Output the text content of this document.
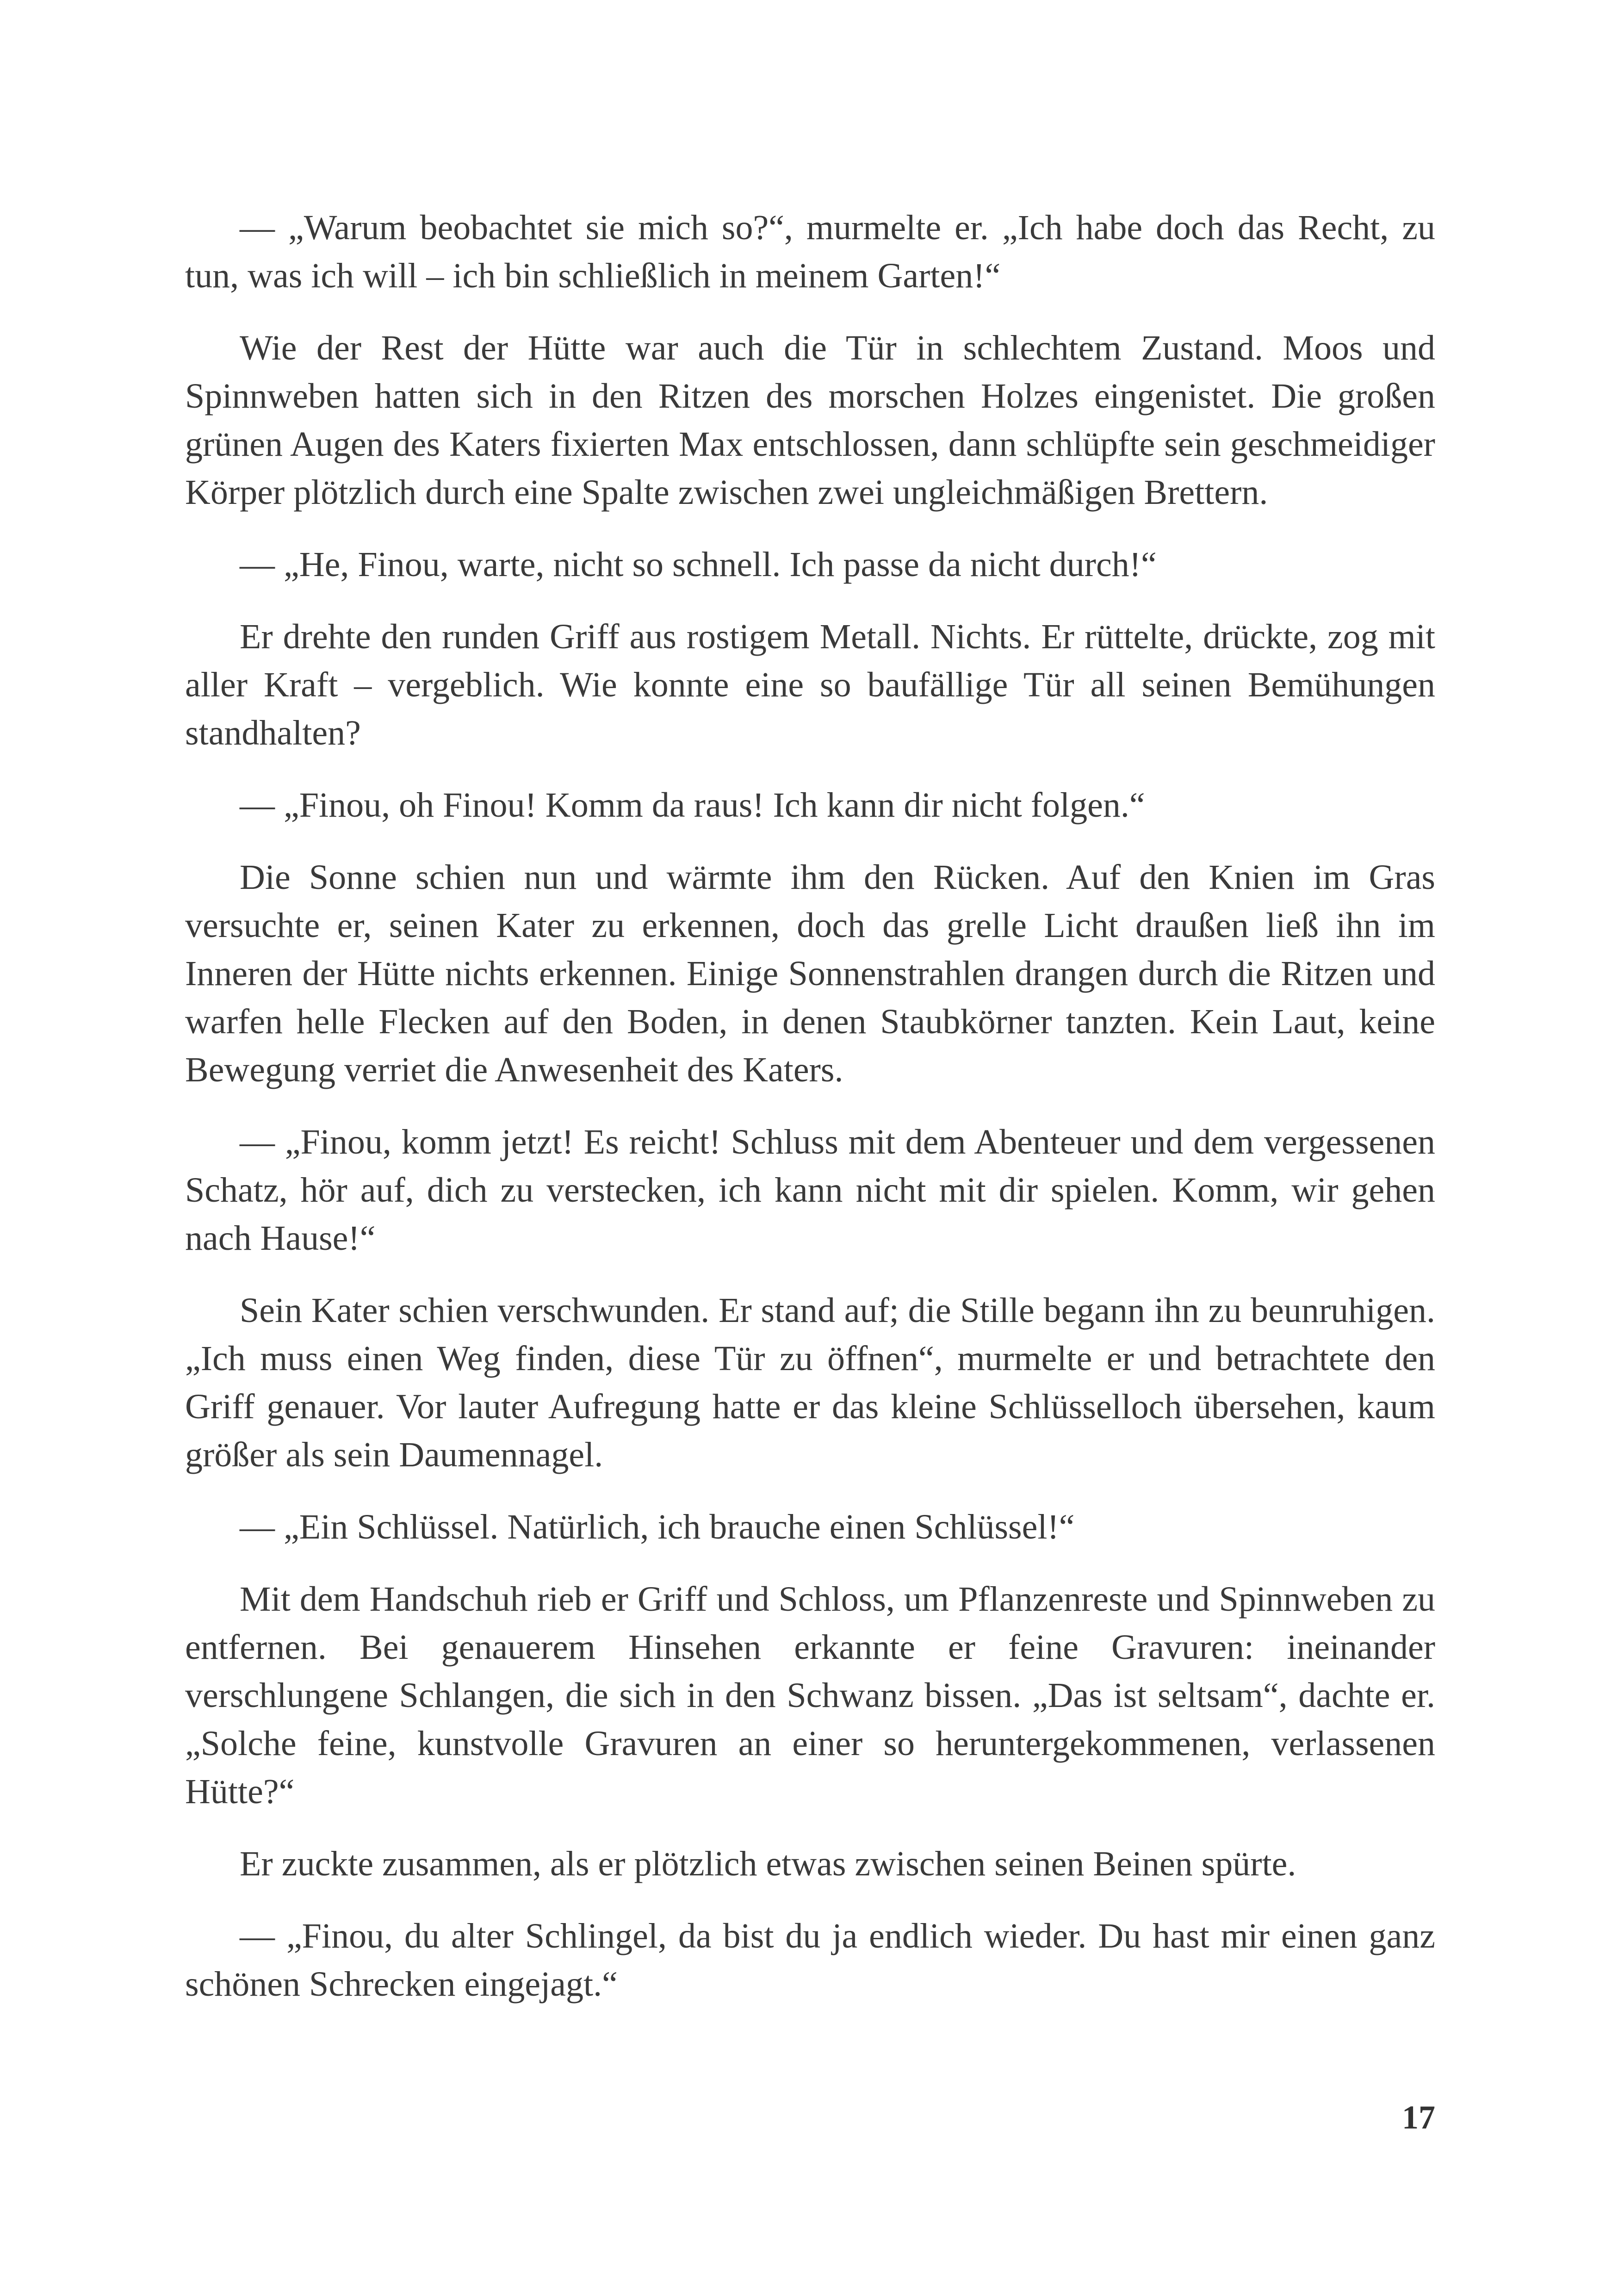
— „Warum beobachtet sie mich so?“, murmelte er. „Ich habe doch das Recht, zu tun, was ich will – ich bin schließlich in meinem Garten!“

Wie der Rest der Hütte war auch die Tür in schlechtem Zustand. Moos und Spinnweben hatten sich in den Ritzen des morschen Holzes eingenistet. Die großen grünen Augen des Katers fixierten Max entschlossen, dann schlüpfte sein geschmeidiger Körper plötzlich durch eine Spalte zwischen zwei ungleichmäßigen Brettern.

— „He, Finou, warte, nicht so schnell. Ich passe da nicht durch!“

Er drehte den runden Griff aus rostigem Metall. Nichts. Er rüttelte, drückte, zog mit aller Kraft – vergeblich. Wie konnte eine so baufällige Tür all seinen Bemühungen standhalten?

— „Finou, oh Finou! Komm da raus! Ich kann dir nicht folgen.“

Die Sonne schien nun und wärmte ihm den Rücken. Auf den Knien im Gras versuchte er, seinen Kater zu erkennen, doch das grelle Licht draußen ließ ihn im Inneren der Hütte nichts erkennen. Einige Sonnenstrahlen drangen durch die Ritzen und warfen helle Flecken auf den Boden, in denen Staubkörner tanzten. Kein Laut, keine Bewegung verriet die Anwesenheit des Katers.

— „Finou, komm jetzt! Es reicht! Schluss mit dem Abenteuer und dem vergessenen Schatz, hör auf, dich zu verstecken, ich kann nicht mit dir spielen. Komm, wir gehen nach Hause!“

Sein Kater schien verschwunden. Er stand auf; die Stille begann ihn zu beunruhigen. „Ich muss einen Weg finden, diese Tür zu öffnen“, murmelte er und betrachtete den Griff genauer. Vor lauter Aufregung hatte er das kleine Schlüsselloch übersehen, kaum größer als sein Daumennagel.

— „Ein Schlüssel. Natürlich, ich brauche einen Schlüssel!“

Mit dem Handschuh rieb er Griff und Schloss, um Pflanzenreste und Spinnweben zu entfernen. Bei genauerem Hinsehen erkannte er feine Gravuren: ineinander verschlungene Schlangen, die sich in den Schwanz bissen. „Das ist seltsam“, dachte er. „Solche feine, kunstvolle Gravuren an einer so heruntergekommenen, verlassenen Hütte?“

Er zuckte zusammen, als er plötzlich etwas zwischen seinen Beinen spürte.

— „Finou, du alter Schlingel, da bist du ja endlich wieder. Du hast mir einen ganz schönen Schrecken eingejagt.“

17
